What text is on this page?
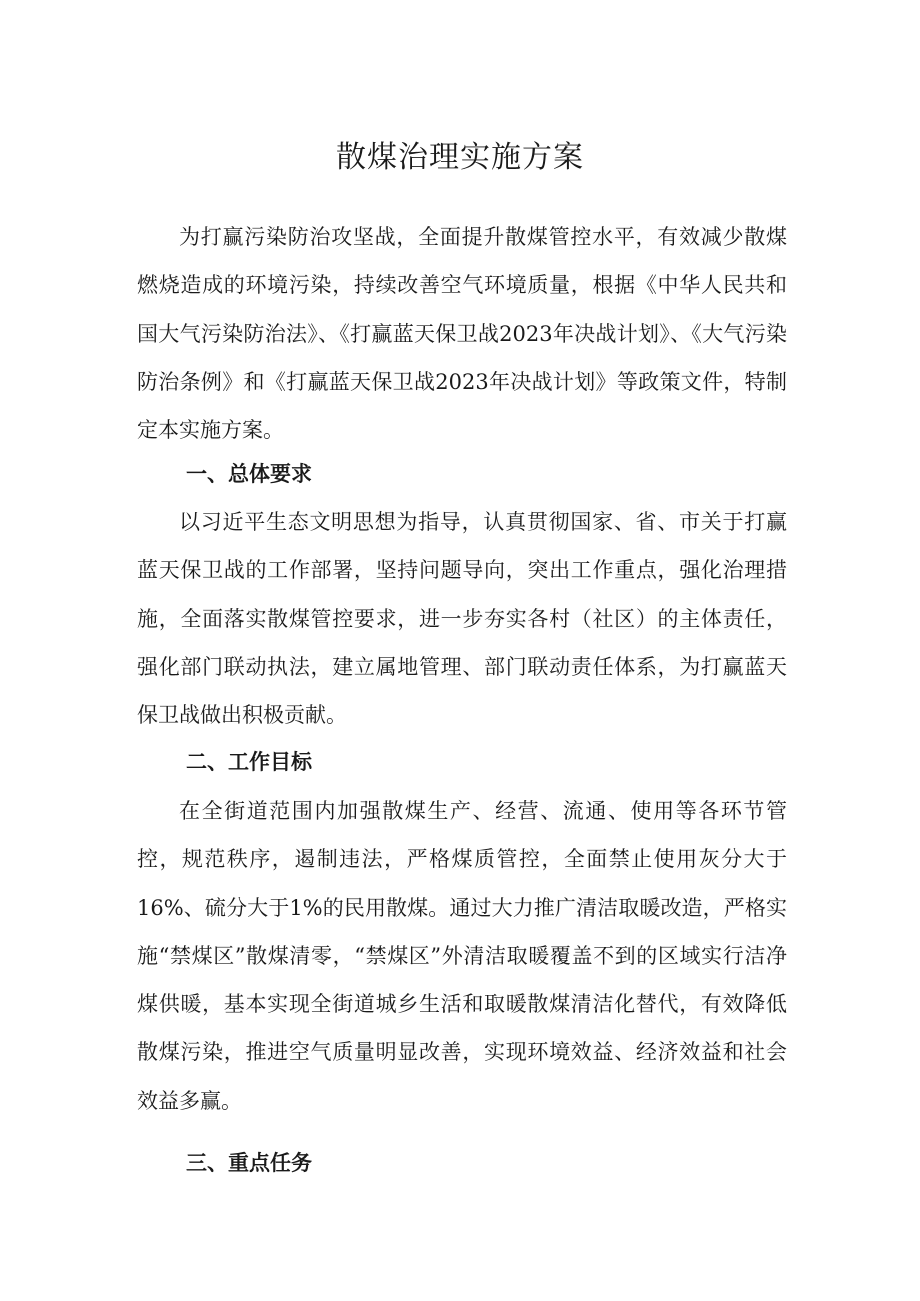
散煤治理实施方案

为打赢污染防治攻坚战，全面提升散煤管控水平，有效减少散煤燃烧造成的环境污染，持续改善空气环境质量，根据《中华人民共和国大气污染防治法》、《打赢蓝天保卫战2023年决战计划》、《大气污染防治条例》和《打赢蓝天保卫战2023年决战计划》等政策文件，特制定本实施方案。

一、总体要求

以习近平生态文明思想为指导，认真贯彻国家、省、市关于打赢蓝天保卫战的工作部署，坚持问题导向，突出工作重点，强化治理措施，全面落实散煤管控要求，进一步夯实各村（社区）的主体责任，强化部门联动执法，建立属地管理、部门联动责任体系，为打赢蓝天保卫战做出积极贡献。

二、工作目标

在全街道范围内加强散煤生产、经营、流通、使用等各环节管控，规范秩序，遏制违法，严格煤质管控，全面禁止使用灰分大于16%、硫分大于1%的民用散煤。通过大力推广清洁取暖改造，严格实施“禁煤区”散煤清零，“禁煤区”外清洁取暖覆盖不到的区域实行洁净煤供暖，基本实现全街道城乡生活和取暖散煤清洁化替代，有效降低散煤污染，推进空气质量明显改善，实现环境效益、经济效益和社会效益多赢。

三、重点任务
